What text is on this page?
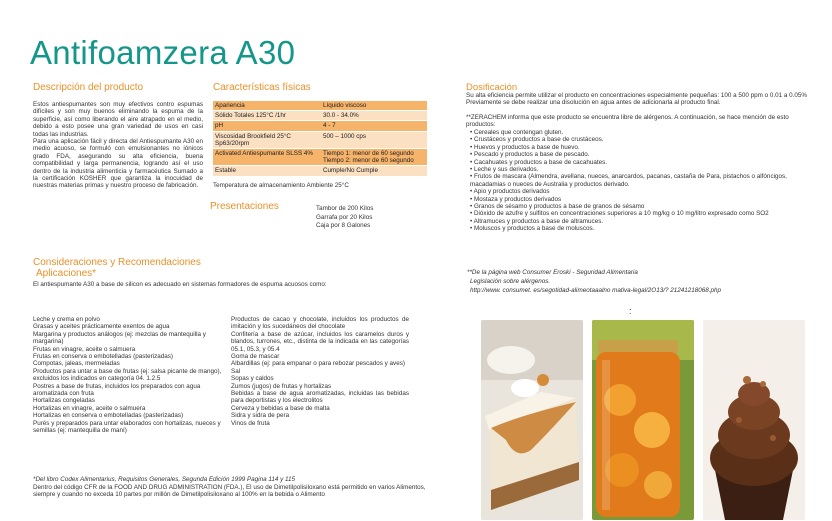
Antifoamzera A30
Descripción del producto
Estos antiespumantes son muy efectivos contro espumas difíciles y son muy buenos eliminando la espuma de la superficie, así como liberando el aire atrapado en el medio, debido a esto posee una gran variedad de usos en casi todas las industrias.
Para una aplicación fácil y directa del Antiespumante A30 en medio acuoso, se formuló con emulsionantes no iónicos grado FDA, asegurando su alta eficiencia, buena compatibilidad y larga permanencia, logrando así el uso dentro de la industria alimenticia y farmacéutica Sumado a la certificación KOSHER que garantiza la inocuidad de nuestras materias primas y nuestro proceso de fabricación.
Características físicas
Apariencia	Líquido viscoso
Sólido Totales 125°C /1hr	30.0 - 34.0%
pH	4 - 7
Viscosidad Brookfield 25°C Sp63/20rpm	500 – 1000 cps
Activated Antiespumante SLSS 4%	Tiempo 1: menor de 60 segundo Tiempo 2: menor de 60 segundo
Estable	Cumple/No Cumple
Temperatura de almacenamiento Ambiente 25°C
Presentaciones	Tambor de 200 Kilos
Garrafa por 20 Kilos
Caja por 8 Galones
Consideraciones y Recomendaciones
Aplicaciones*
El antiespumante A30 a base de silicon es adecuado en sistemas formadores de espuma acuosos como:
Leche y crema en polvo
Grasas y aceites prácticamente exentos de agua
Margarina y productos análogos (ej: mezclas de mantequilla y margarina)
Frutas en vinagre, aceite o salmuera
Frutas en conserva o embotelladas (pasterizadas)
Compotas, jaleas, mermeladas
Productos para untar a base de frutas (ej: salsa picante de mango), excluidos los indicados en categoría 04. 1.2.5
Postres a base de frutas, incluidos los preparados con agua aromatizada con fruta
Hortalizas congeladas
Hortalizas en vinagre, aceite o salmuera
Hortalizas en conserva o embotelladas (pasterizadas)
Purés y preparados para untar elaborados con hortalizas, nueces y semillas (ej: mantequilla de maní)
Productos de cacao y chocolate, incluidos los productos de imitación y los sucedáneos del chocolate
Confitería a base de azúcar, incluidos los caramelos duros y blandos, turrones, etc., distinta de la indicada en las categorías 05.1, 05.3, y 05.4
Goma de mascar
Albardillas (ej: para empanar o para rebozar pescados y aves)
Sal
Sopas y caldos
Zumos (jugos) de frutas y hortalizas
Bebidas a base de agua aromatizadas, incluidas las bebidas para deportistas y los electrolitos
Cerveza y bebidas a base de malta
Sidra y sidra de pera
Vinos de fruta
*Del libro Codex Alimentarius, Requisitos Generales, Segunda Edición 1999 Pagina 114 y 115
Dentro del código CFR de la FOOD AND DRUG ADMINISTRATION (FDA.), El uso de Dimetilpolisiloxano está permitido en varios Alimentos, siempre y cuando no exceda 10 partes por millón de Dimetilpolisiloxano al 100% en la bebida o Alimento
Dosificación
Su alta eficiencia permite utilizar el producto en concentraciones especialmente pequeñas: 100 a 500 ppm o 0.01 a 0.05% Previamente se debe realizar una disolución en agua antes de adicionarla al producto final.
**ZERACHEM informa que este producto se encuentra libre de alérgenos. A continuación, se hace mención de esto productos:
• Cereales que contengan gluten.
• Crustáceos y productos a base de crustáceos.
• Huevos y productos a base de huevo.
• Pescado y productos a base de pescado.
• Cacahuates y productos a base de cacahuates.
• Leche y sus derivados.
• Frutos de mascara (Almendra, avellana, nueces, anarcardos, pacanas, castaña de Para, pistachos o alfóncigos, macadamias o nueces de Australia y productos derivado.
• Apio y productos derivados
• Mostaza y productos derivados
• Granos de sésamo y productos a base de granos de sésamo
• Dióxido de azufre y sulfitos en concentraciones superiores a 10 mg/kg o 10 mg/litro expresado como SO2
• Altramuces y productos a base de altramuces.
• Moluscos y productos a base de moluscos.
**De la página web Consumer Eroski - Seguridad Alimentaria
Legislación sobre alérgenos.
http://www. consumet. es/segotidad-alimeotaaalno mativa-legal/2O13/? 21241218068.php
:
